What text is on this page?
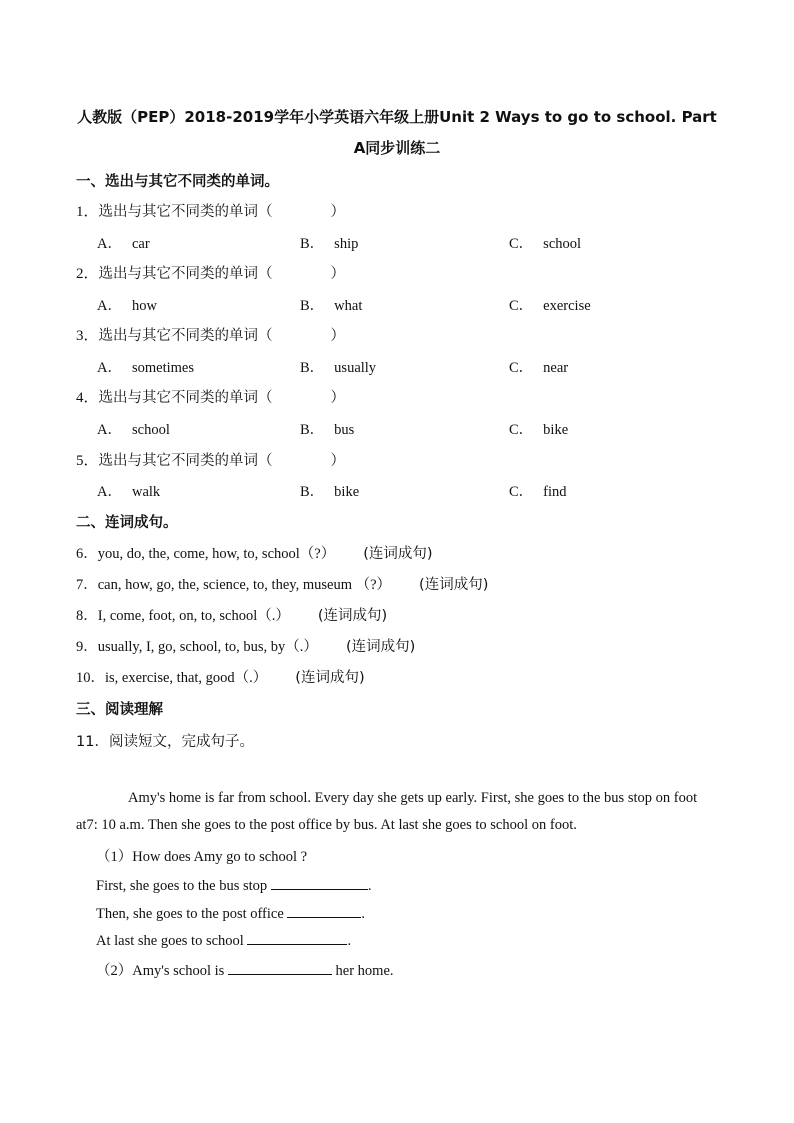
人教版（PEP）2018-2019学年小学英语六年级上册Unit 2 Ways to go to school. Part
A同步训练二
一、选出与其它不同类的单词。
1．选出与其它不同类的单词（	）
A． car	B． ship	C． school
2．选出与其它不同类的单词（	）
A． how	B． what	C． exercise
3．选出与其它不同类的单词（	）
A． sometimes	B． usually	C． near
4．选出与其它不同类的单词（	）
A． school	B． bus	C． bike
5．选出与其它不同类的单词（	）
A． walk	B． bike	C． find
二、连词成句。
6．you, do, the, come, how, to, school（?） (连词成句)
7．can, how, go, the, science, to, they, museum （?） (连词成句)
8．I, come, foot, on, to, school（.） (连词成句)
9．usually, I, go, school, to, bus, by（.） (连词成句)
10．is, exercise, that, good（.） (连词成句)
三、阅读理解
11．阅读短文，完成句子。
Amy's home is far from school. Every day she gets up early. First, she goes to the bus stop on foot at7: 10 a.m. Then she goes to the post office by bus. At last she goes to school on foot.
（1）How does Amy go to school ?
First, she goes to the bus stop	.
Then, she goes to the post office	.
At last she goes to school	.
（2）Amy's school is	her home.
